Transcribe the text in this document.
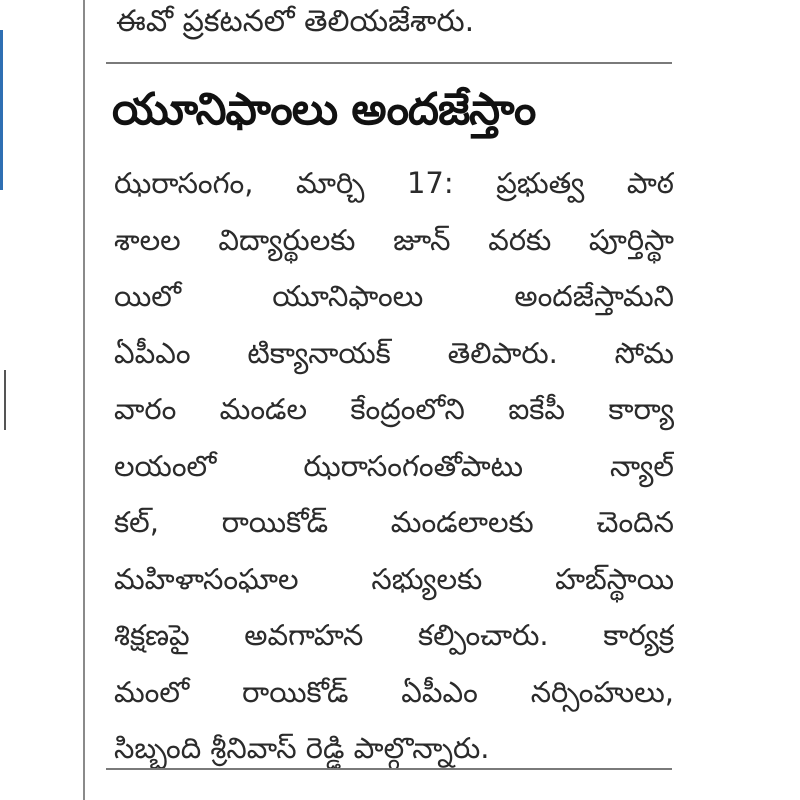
ఈవో ప్రకటనలో తెలియజేశారు.
యూనిఫాంలు అందజేస్తాం
ఝరాసంగం, మార్చి 17: ప్రభుత్వ పాఠ
శాలల విద్యార్థులకు జూన్ వరకు పూర్తిస్థా
యిలో యూనిఫాంలు అందజేస్తామని
ఏపీఎం టిక్యానాయక్ తెలిపారు. సోమ
వారం మండల కేంద్రంలోని ఐకేపీ కార్యా
లయంలో ఝరాసంగంతోపాటు న్యాల్
కల్, రాయికోడ్ మండలాలకు చెందిన
మహిళాసంఘాల సభ్యులకు హబ్‌స్థాయి
శిక్షణపై అవగాహన కల్పించారు. కార్యక్ర
మంలో రాయికోడ్ ఏపీఎం నర్సింహులు,
సిబ్బంది శ్రీనివాస్ రెడ్డి పాల్గొన్నారు.
